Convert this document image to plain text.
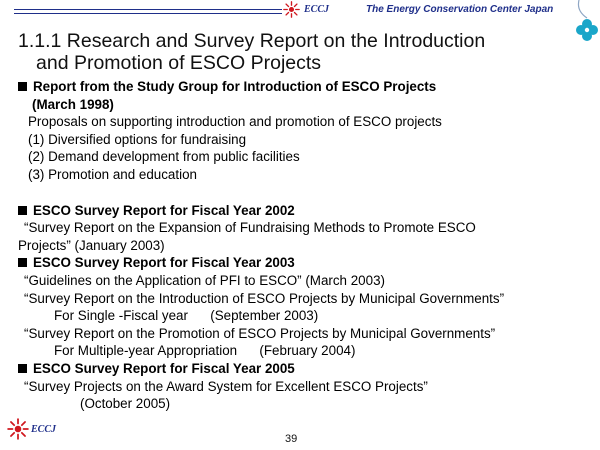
ECCJ	The Energy Conservation Center Japan
1.1.1 Research and Survey Report on the Introduction
and Promotion of ESCO Projects
Report from the Study Group for Introduction of ESCO Projects
(March 1998)
Proposals on supporting introduction and promotion of ESCO projects
(1) Diversified options for fundraising
(2) Demand development from public facilities
(3) Promotion and education
ESCO Survey Report for Fiscal Year 2002
“Survey Report on the Expansion of Fundraising Methods to Promote ESCO
Projects” (January 2003)
ESCO Survey Report for Fiscal Year 2003
“Guidelines on the Application of PFI to ESCO” (March 2003)
“Survey Report on the Introduction of ESCO Projects by Municipal Governments”
For Single -Fiscal year      (September 2003)
“Survey Report on the Promotion of ESCO Projects by Municipal Governments”
For Multiple-year Appropriation      (February 2004)
ESCO Survey Report for Fiscal Year 2005
“Survey Projects on the Award System for Excellent ESCO Projects”
(October 2005)
ECCJ
39
